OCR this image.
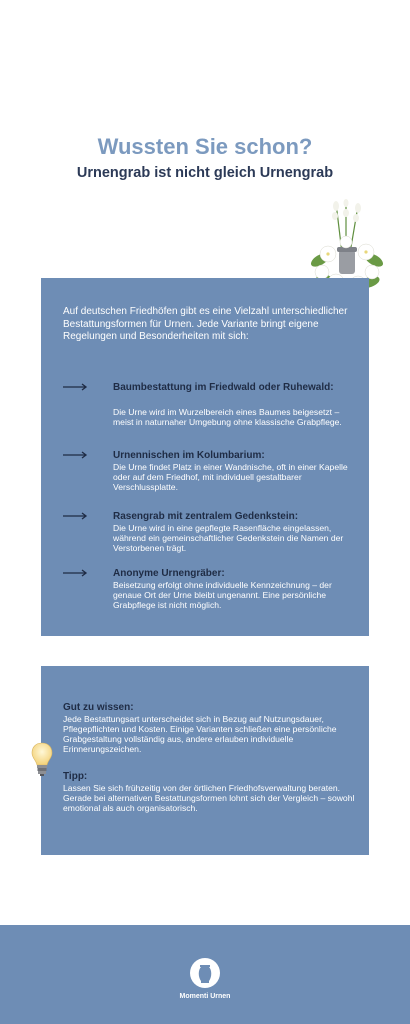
Wussten Sie schon?
Urnengrab ist nicht gleich Urnengrab

Auf deutschen Friedhöfen gibt es eine Vielzahl unterschiedlicher Bestattungsformen für Urnen. Jede Variante bringt eigene Regelungen und Besonderheiten mit sich:

Baumbestattung im Friedwald oder Ruhewald:

Die Urne wird im Wurzelbereich eines Baumes beigesetzt – meist in naturnaher Umgebung ohne klassische Grabpflege.

Urnennischen im Kolumbarium:

Die Urne findet Platz in einer Wandnische, oft in einer Kapelle oder auf dem Friedhof, mit individuell gestaltbarer Verschlussplatte.

Rasengrab mit zentralem Gedenkstein:

Die Urne wird in eine gepflegte Rasenfläche eingelassen, während ein gemeinschaftlicher Gedenkstein die Namen der Verstorbenen trägt.

Anonyme Urnengräber:

Beisetzung erfolgt ohne individuelle Kennzeichnung – der genaue Ort der Urne bleibt ungenannt. Eine persönliche Grabpflege ist nicht möglich.

Gut zu wissen:

Jede Bestattungsart unterscheidet sich in Bezug auf Nutzungsdauer, Pflegepflichten und Kosten. Einige Varianten schließen eine persönliche Grabgestaltung vollständig aus, andere erlauben individuelle Erinnerungszeichen.

Tipp:

Lassen Sie sich frühzeitig von der örtlichen Friedhofsverwaltung beraten. Gerade bei alternativen Bestattungsformen lohnt sich der Vergleich – sowohl emotional als auch organisatorisch.

Momenti Urnen
